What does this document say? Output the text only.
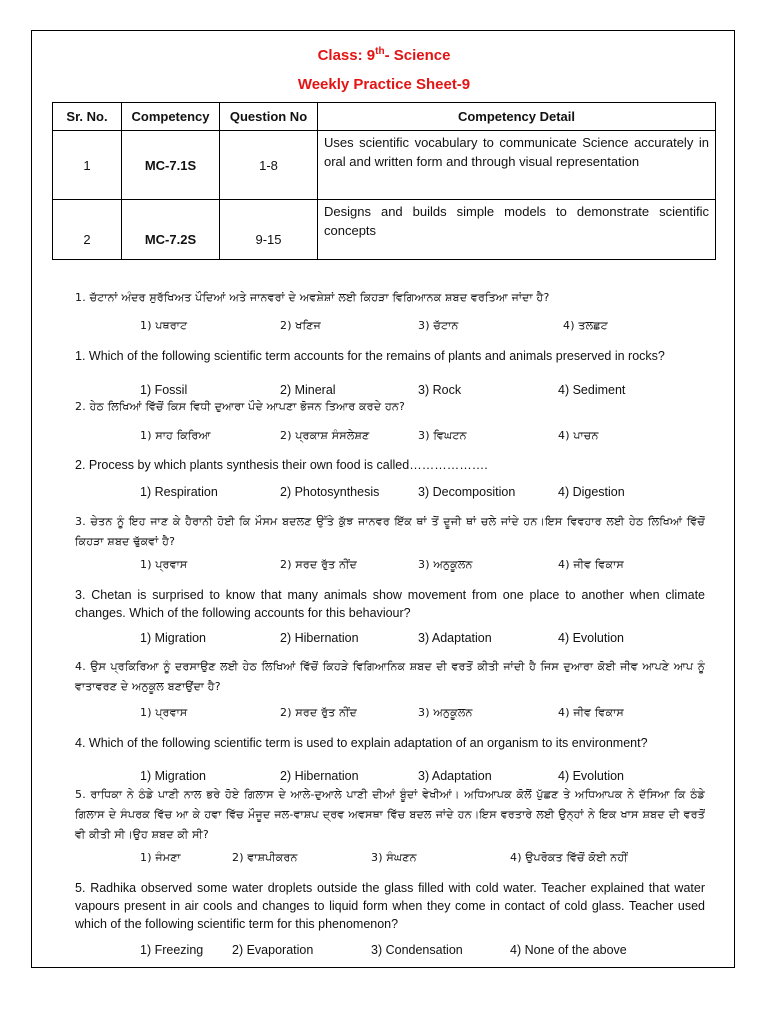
Class: 9th- Science
Weekly Practice Sheet-9
Sr. No.	Competency	Question No	Competency Detail
1	MC-7.1S	1-8	Uses scientific vocabulary to communicate Science accurately in oral and written form and through visual representation
2	MC-7.2S	9-15	Designs and builds simple models to demonstrate scientific concepts
1. ਚੱਟਾਨਾਂ ਅੰਦਰ ਸੁਰੱਖਿਅਤ ਪੌਦਿਆਂ ਅਤੇ ਜਾਨਵਰਾਂ ਦੇ ਅਵਸ਼ੇਸ਼ਾਂ ਲਈ ਕਿਹੜਾ ਵਿਗਿਆਨਕ ਸ਼ਬਦ ਵਰਤਿਆ ਜਾਂਦਾ ਹੈ?
1) ਪਥਰਾਟ	2) ਖਣਿਜ	3) ਚੱਟਾਨ	4) ਤਲਛਟ
1. Which of the following scientific term accounts for the remains of plants and animals preserved in rocks?
1) Fossil	2) Mineral	3) Rock	4) Sediment
2. ਹੇਠ ਲਿਖਿਆਂ ਵਿੱਚੋਂ ਕਿਸ ਵਿਧੀ ਦੁਆਰਾ ਪੌਦੇ ਆਪਣਾ ਭੋਜਨ ਤਿਆਰ ਕਰਦੇ ਹਨ?
1) ਸਾਹ ਕਿਰਿਆ	2) ਪ੍ਰਕਾਸ਼ ਸੰਸਲੇਸ਼ਣ	3) ਵਿਘਟਨ	4) ਪਾਚਨ
2. Process by which plants synthesis their own food is called……………….
1) Respiration	2) Photosynthesis	3) Decomposition	4) Digestion
3. ਚੇਤਨ ਨੂੰ ਇਹ ਜਾਣ ਕੇ ਹੈਰਾਨੀ ਹੋਈ ਕਿ ਮੌਸਮ ਬਦਲਣ ਉੱਤੇ ਕੁੱਝ ਜਾਨਵਰ ਇੱਕ ਥਾਂ ਤੋਂ ਦੂਜੀ ਥਾਂ ਚਲੇ ਜਾਂਦੇ ਹਨ।ਇਸ ਵਿਵਹਾਰ ਲਈ ਹੇਠ ਲਿਖਿਆਂ ਵਿੱਚੋਂ ਕਿਹੜਾ ਸ਼ਬਦ ਢੁੱਕਵਾਂ ਹੈ?
1) ਪ੍ਰਵਾਸ	2) ਸਰਦ ਰੁੱਤ ਨੀਂਦ	3) ਅਨੁਕੂਲਨ	4) ਜੀਵ ਵਿਕਾਸ
3. Chetan is surprised to know that many animals show movement from one place to another when climate changes. Which of the following accounts for this behaviour?
1) Migration	2) Hibernation	3) Adaptation	4) Evolution
4. ਉਸ ਪ੍ਰਕਿਰਿਆ ਨੂੰ ਦਰਸਾਉਣ ਲਈ ਹੇਠ ਲਿਖਿਆਂ ਵਿੱਚੋਂ ਕਿਹੜੇ ਵਿਗਿਆਨਿਕ ਸ਼ਬਦ ਦੀ ਵਰਤੋਂ ਕੀਤੀ ਜਾਂਦੀ ਹੈ ਜਿਸ ਦੁਆਰਾ ਕੋਈ ਜੀਵ ਆਪਣੇ ਆਪ ਨੂੰ ਵਾਤਾਵਰਣ ਦੇ ਅਨੁਕੂਲ ਬਣਾਉਂਦਾ ਹੈ?
1) ਪ੍ਰਵਾਸ	2) ਸਰਦ ਰੁੱਤ ਨੀਂਦ	3) ਅਨੁਕੂਲਨ	4) ਜੀਵ ਵਿਕਾਸ
4. Which of the following scientific term is used to explain adaptation of an organism to its environment?
1) Migration	2) Hibernation	3) Adaptation	4) Evolution
5. ਰਾਧਿਕਾ ਨੇ ਠੰਡੇ ਪਾਣੀ ਨਾਲ ਭਰੇ ਹੋਏ ਗਿਲਾਸ ਦੇ ਆਲੇ-ਦੁਆਲੇ ਪਾਣੀ ਦੀਆਂ ਬੂੰਦਾਂ ਵੇਖੀਆਂ। ਅਧਿਆਪਕ ਕੋਲੋਂ ਪੁੱਛਣ ਤੇ ਅਧਿਆਪਕ ਨੇ ਦੱਸਿਆ ਕਿ ਠੰਡੇ ਗਿਲਾਸ ਦੇ ਸੰਪਰਕ ਵਿੱਚ ਆ ਕੇ ਹਵਾ ਵਿੱਚ ਮੌਜੂਦ ਜਲ-ਵਾਸ਼ਪ ਦ੍ਰਵ ਅਵਸਥਾ ਵਿੱਚ ਬਦਲ ਜਾਂਦੇ ਹਨ।ਇਸ ਵਰਤਾਰੇ ਲਈ ਉਨ੍ਹਾਂ ਨੇ ਇਕ ਖਾਸ ਸ਼ਬਦ ਦੀ ਵਰਤੋਂ ਵੀ ਕੀਤੀ ਸੀ।ਉਹ ਸ਼ਬਦ ਕੀ ਸੀ?
1) ਜੰਮਣਾ	2) ਵਾਸ਼ਪੀਕਰਨ	3) ਸੰਘਣਨ	4) ਉਪਰੋਕਤ ਵਿੱਚੋਂ ਕੋਈ ਨਹੀਂ
5. Radhika observed some water droplets outside the glass filled with cold water. Teacher explained that water vapours present in air cools and changes to liquid form when they come in contact of cold glass. Teacher used which of the following scientific term for this phenomenon?
1) Freezing 2) Evaporation	3) Condensation	4) None of the above
